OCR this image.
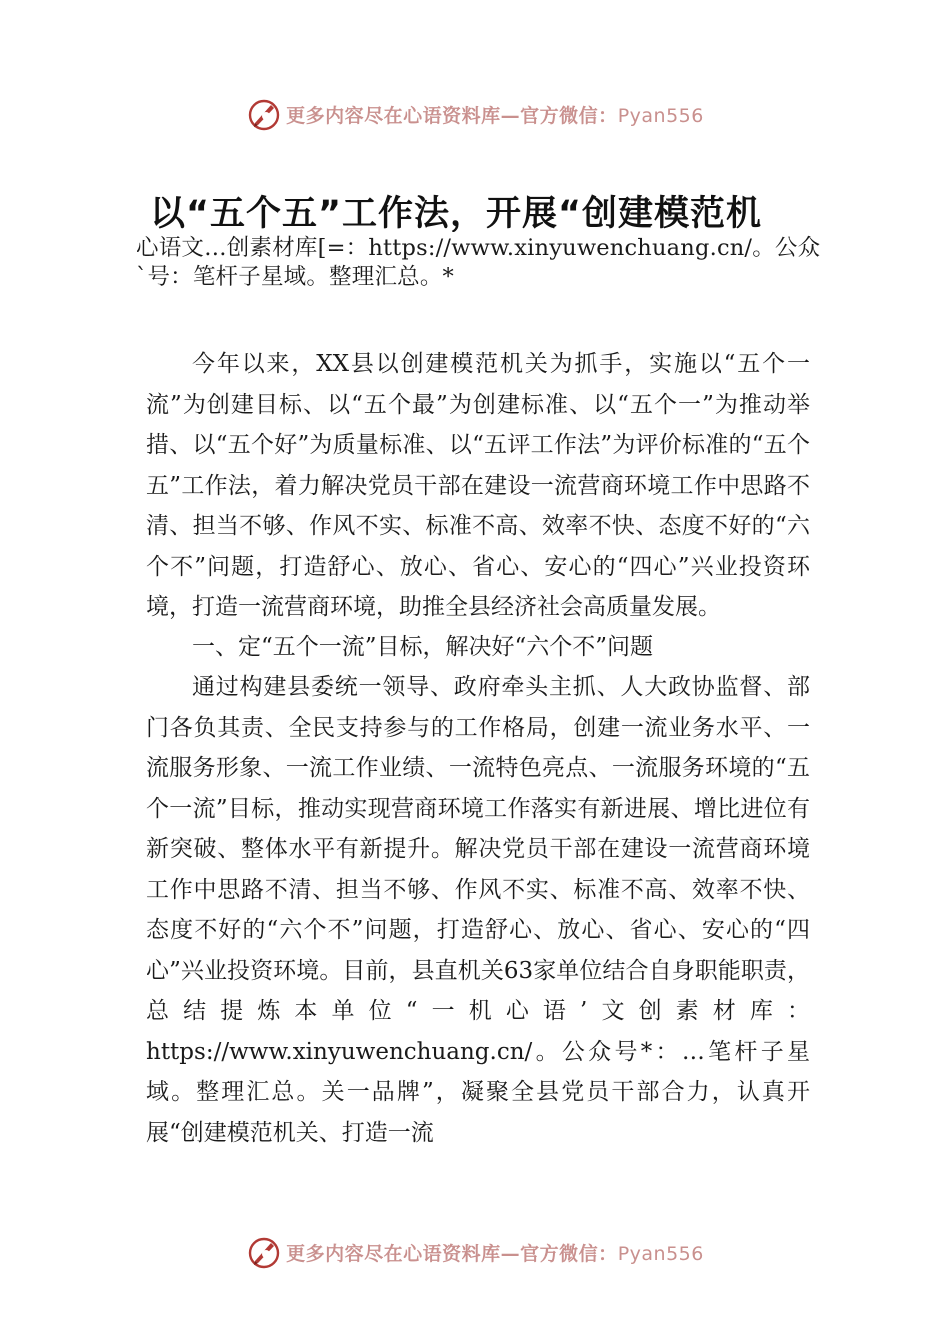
更多内容尽在心语资料库—官方微信：Pyan556
以“五个五”工作法，开展“创建模范机
心语文…创素材库[=：https://www.xinyuwenchuang.cn/。公众`号：笔杆子星域。整理汇总。*

今年以来，XX县以创建模范机关为抓手，实施以“五个一流”为创建目标、以“五个最”为创建标准、以“五个一”为推动举措、以“五个好”为质量标准、以“五评工作法”为评价标准的“五个五”工作法，着力解决党员干部在建设一流营商环境工作中思路不清、担当不够、作风不实、标准不高、效率不快、态度不好的“六个不”问题，打造舒心、放心、省心、安心的“四心”兴业投资环境，打造一流营商环境，助推全县经济社会高质量发展。

一、定“五个一流”目标，解决好“六个不”问题

通过构建县委统一领导、政府牵头主抓、人大政协监督、部门各负其责、全民支持参与的工作格局，创建一流业务水平、一流服务形象、一流工作业绩、一流特色亮点、一流服务环境的“五个一流”目标，推动实现营商环境工作落实有新进展、增比进位有新突破、整体水平有新提升。解决党员干部在建设一流营商环境工作中思路不清、担当不够、作风不实、标准不高、效率不快、态度不好的“六个不”问题，打造舒心、放心、省心、安心的“四心”兴业投资环境。目前，县直机关63家单位结合自身职能职责，总结提炼本单位“一机心语’文创素材库：https://www.xinyuwenchuang.cn/。公众号*：…笔杆子星域。整理汇总。关一品牌”，凝聚全县党员干部合力，认真开展“创建模范机关、打造一流

更多内容尽在心语资料库—官方微信：Pyan556
